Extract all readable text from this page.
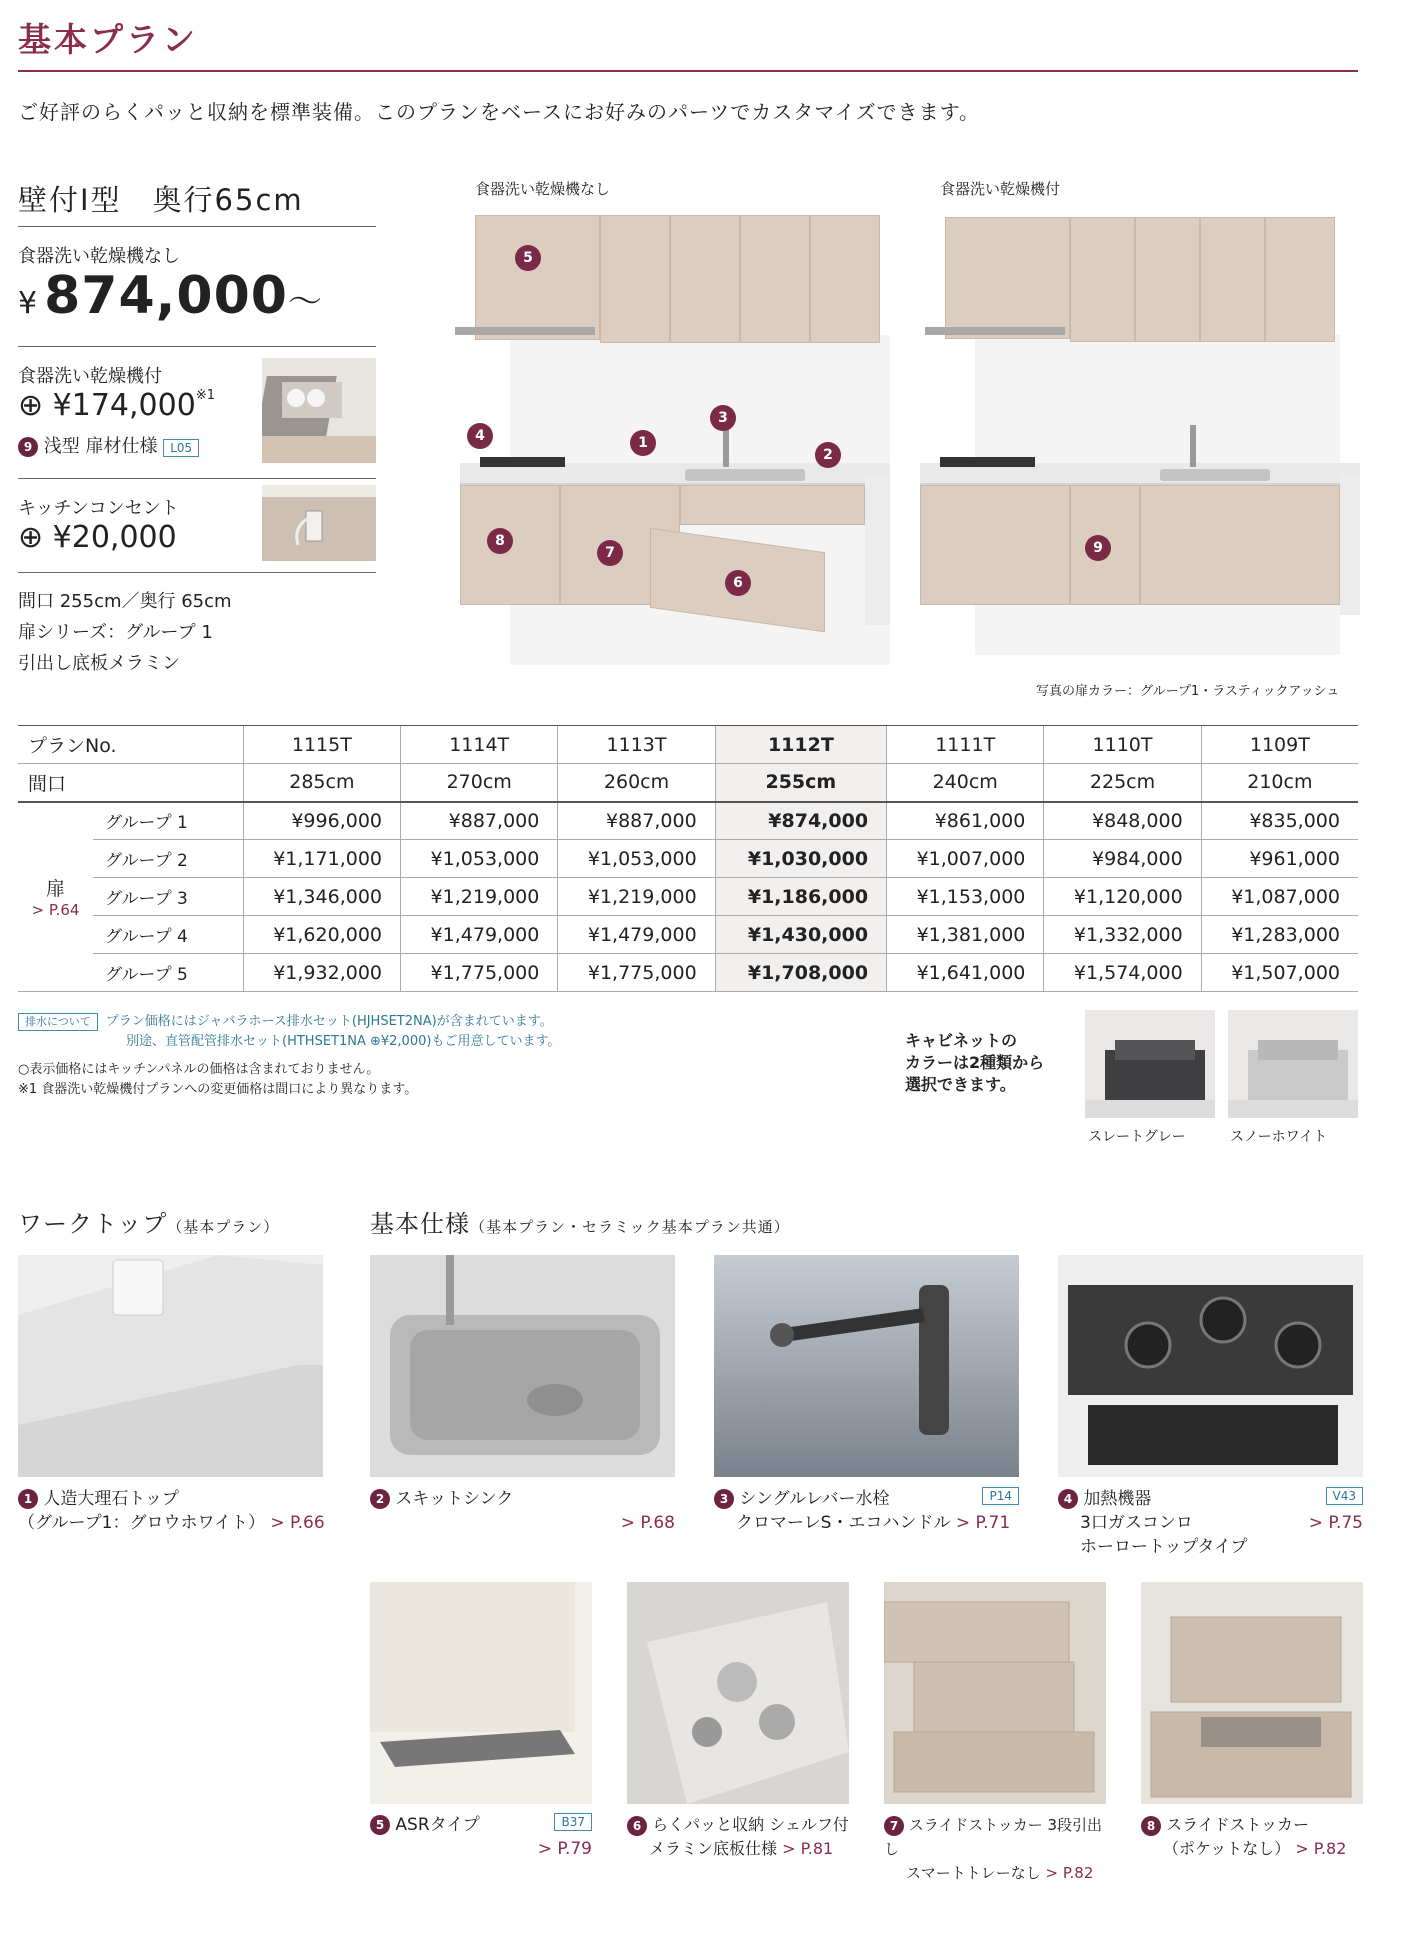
基本プラン
ご好評のらくパッと収納を標準装備。このプランをベースにお好みのパーツでカスタマイズできます。
壁付I型　奥行65cm
食器洗い乾燥機なし
¥ 874,000～
食器洗い乾燥機付
⊕ ¥174,000$^{※1}$
9 浅型 扉材仕様 L05
キッチンコンセント
⊕ ¥20,000
間口 255cm／奥行 65cm
扉シリーズ：グループ 1
引出し底板メラミン
食器洗い乾燥機なし	食器洗い乾燥機付
5
4	1
3
2
8
7
6
9
写真の扉カラー：グループ1・ラスティックアッシュ
プランNo.		1115T	1114T	1113T	1112T	1111T	1110T	1109T
間口		285cm	270cm	260cm	255cm	240cm	225cm	210cm

扉
> P.64	グループ 1	¥996,000	¥887,000	¥887,000	¥874,000	¥861,000	¥848,000	¥835,000
	グループ 2	¥1,171,000	¥1,053,000	¥1,053,000	¥1,030,000	¥1,007,000	¥984,000	¥961,000
	グループ 3	¥1,346,000	¥1,219,000	¥1,219,000	¥1,186,000	¥1,153,000	¥1,120,000	¥1,087,000
	グループ 4	¥1,620,000	¥1,479,000	¥1,479,000	¥1,430,000	¥1,381,000	¥1,332,000	¥1,283,000
	グループ 5	¥1,932,000	¥1,775,000	¥1,775,000	¥1,708,000	¥1,641,000	¥1,574,000	¥1,507,000
排水について プラン価格にはジャバラホース排水セット(HJHSET2NA)が含まれています。
別途、直管配管排水セット(HTHSET1NA ⊕¥2,000)もご用意しています。
○表示価格にはキッチンパネルの価格は含まれておりません。
※1 食器洗い乾燥機付プランへの変更価格は間口により異なります。
キャビネットの
カラーは2種類から
選択できます。
スレートグレー	スノーホワイト
ワークトップ（基本プラン）
1 人造大理石トップ
（グループ1：グロウホワイト） > P.66
基本仕様（基本プラン・セラミック基本プラン共通）
2 スキットシンク
> P.68
3 シングルレバー水栓	P14
クロマーレS・エコハンドル > P.71
4 加熱機器	V43
3口ガスコンロ	> P.75
ホーロートップタイプ
5 ASRタイプ	B37
> P.79
6 らくパッと収納 シェルフ付
メラミン底板仕様 > P.81
7 スライドストッカー 3段引出し
スマートトレーなし > P.82
8 スライドストッカー
（ポケットなし） > P.82
